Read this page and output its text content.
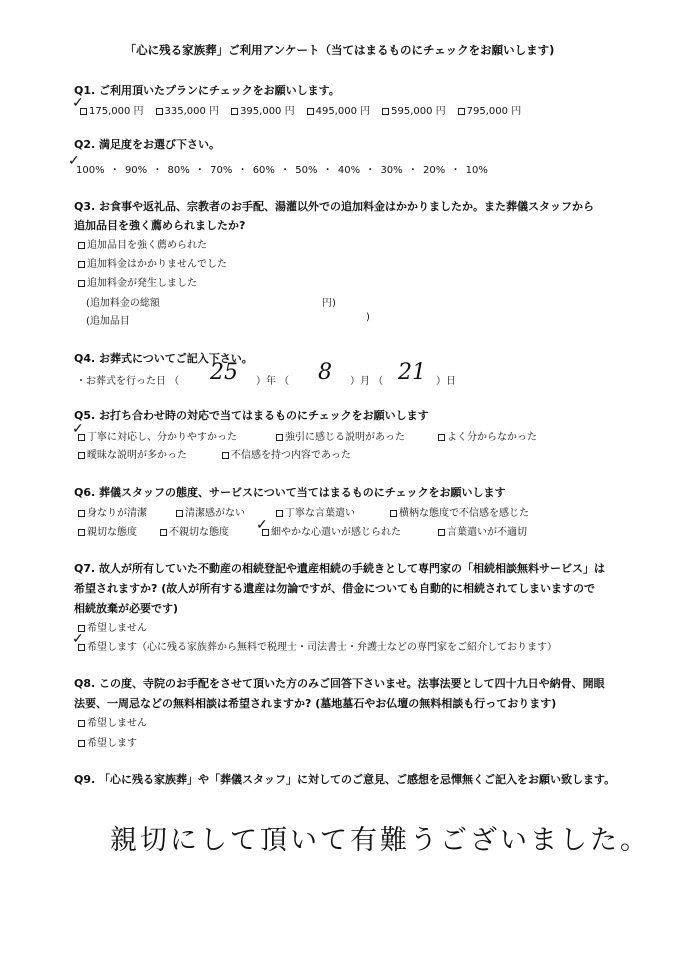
「心に残る家族葬」ご利用アンケート（当てはまるものにチェックをお願いします)
Q1. ご利用頂いたプランにチェックをお願いします。
175,000 円 335,000 円 395,000 円 495,000 円 595,000 円 795,000 円
✓
Q2. 満足度をお選び下さい。
100% ・ 90% ・ 80% ・ 70% ・ 60% ・ 50% ・ 40% ・ 30% ・ 20% ・ 10%
✓
Q3. お食事や返礼品、宗教者のお手配、湯灌以外での追加料金はかかりましたか。また葬儀スタッフから
追加品目を強く薦められましたか?
追加品目を強く薦められた
追加料金はかかりませんでした
追加料金が発生しました
(追加料金の総額	円)
(追加品目	)
Q4. お葬式についてご記入下さい。
・お葬式を行った日 （ 25 ）年 （ 8 ）月 （ 21 ）日
Q5. お打ち合わせ時の対応で当てはまるものにチェックをお願いします
丁寧に対応し、分かりやすかった	強引に感じる説明があった	よく分からなかった
曖昧な説明が多かった	不信感を持つ内容であった
✓
Q6. 葬儀スタッフの態度、サービスについて当てはまるものにチェックをお願いします
身なりが清潔	清潔感がない	丁寧な言葉遣い	横柄な態度で不信感を感じた
親切な態度	不親切な態度	細やかな心遣いが感じられた	言葉遣いが不適切
✓
Q7. 故人が所有していた不動産の相続登記や遺産相続の手続きとして専門家の「相続相談無料サービス」は
希望されますか? (故人が所有する遺産は勿論ですが、借金についても自動的に相続されてしまいますので
相続放棄が必要です)
希望しません
希望します（心に残る家族葬から無料で税理士・司法書士・弁護士などの専門家をご紹介しております）
✓
Q8. この度、寺院のお手配をさせて頂いた方のみご回答下さいませ。法事法要として四十九日や納骨、開眼
法要、一周忌などの無料相談は希望されますか? (墓地墓石やお仏壇の無料相談も行っております)
希望しません
希望します
Q9. 「心に残る家族葬」や「葬儀スタッフ」に対してのご意見、ご感想を忌憚無くご記入をお願い致します。
親切にして頂いて有難うございました。
